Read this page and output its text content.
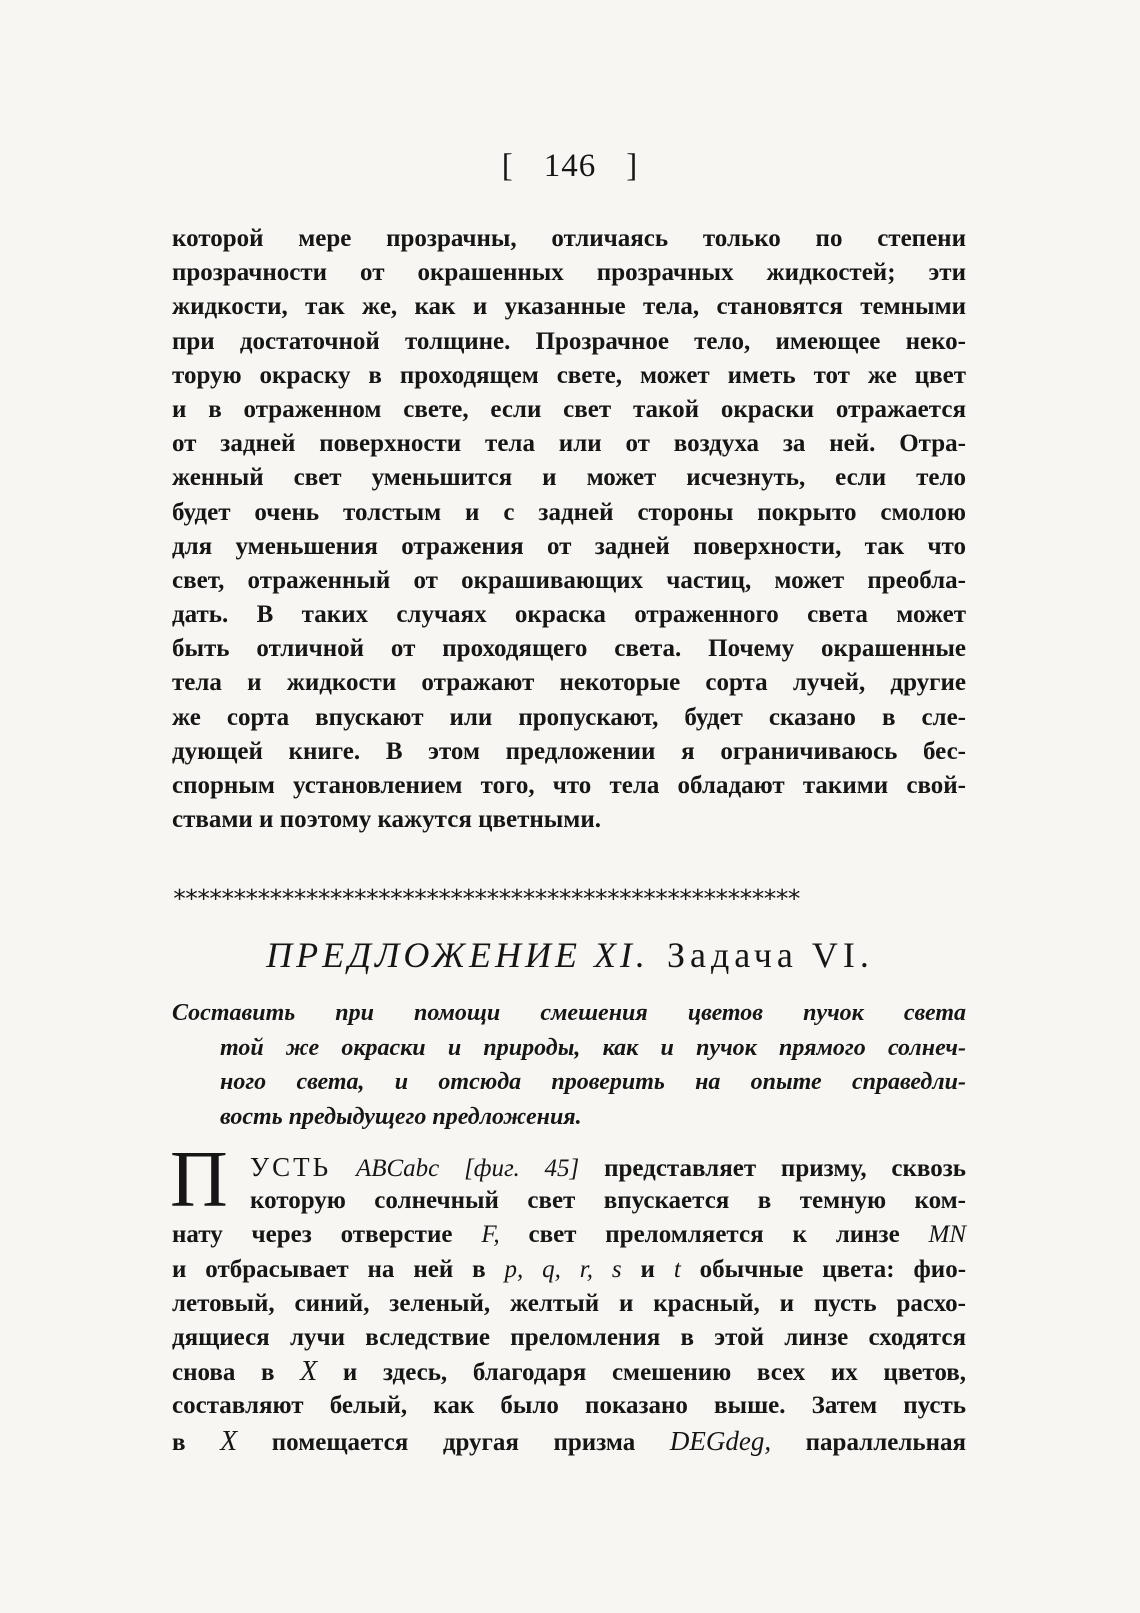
[ 146 ]
которой мере прозрачны, отличаясь только по степени
прозрачности от окрашенных прозрачных жидкостей; эти
жидкости, так же, как и указанные тела, становятся темными
при достаточной толщине. Прозрачное тело, имеющее неко-
торую окраску в проходящем свете, может иметь тот же цвет
и в отраженном свете, если свет такой окраски отражается
от задней поверхности тела или от воздуха за ней. Отра-
женный свет уменьшится и может исчезнуть, если тело
будет очень толстым и с задней стороны покрыто смолою
для уменьшения отражения от задней поверхности, так что
свет, отраженный от окрашивающих частиц, может преобла-
дать. В таких случаях окраска отраженного света может
быть отличной от проходящего света. Почему окрашенные
тела и жидкости отражают некоторые сорта лучей, другие
же сорта впускают или пропускают, будет сказано в сле-
дующей книге. В этом предложении я ограничиваюсь бес-
спорным установлением того, что тела обладают такими свой-
ствами и поэтому кажутся цветными.
****************************************************
ПРЕДЛОЖЕНИЕ XI. Задача VI.
Составить при помощи смешения цветов пучок света
той же окраски и природы, как и пучок прямого солнеч-
ного света, и отсюда проверить на опыте справедли-
вость предыдущего предложения.
П УСТЬ ABCabc [фиг. 45] представляет призму, сквозь
которую солнечный свет впускается в темную ком-
нату через отверстие F, свет преломляется к линзе MN
и отбрасывает на ней в p, q, r, s и t обычные цвета: фио-
летовый, синий, зеленый, желтый и красный, и пусть расхо-
дящиеся лучи вследствие преломления в этой линзе сходятся
снова в X и здесь, благодаря смешению всех их цветов,
составляют белый, как было показано выше. Затем пусть
в X помещается другая призма DEGdeg, параллельная
